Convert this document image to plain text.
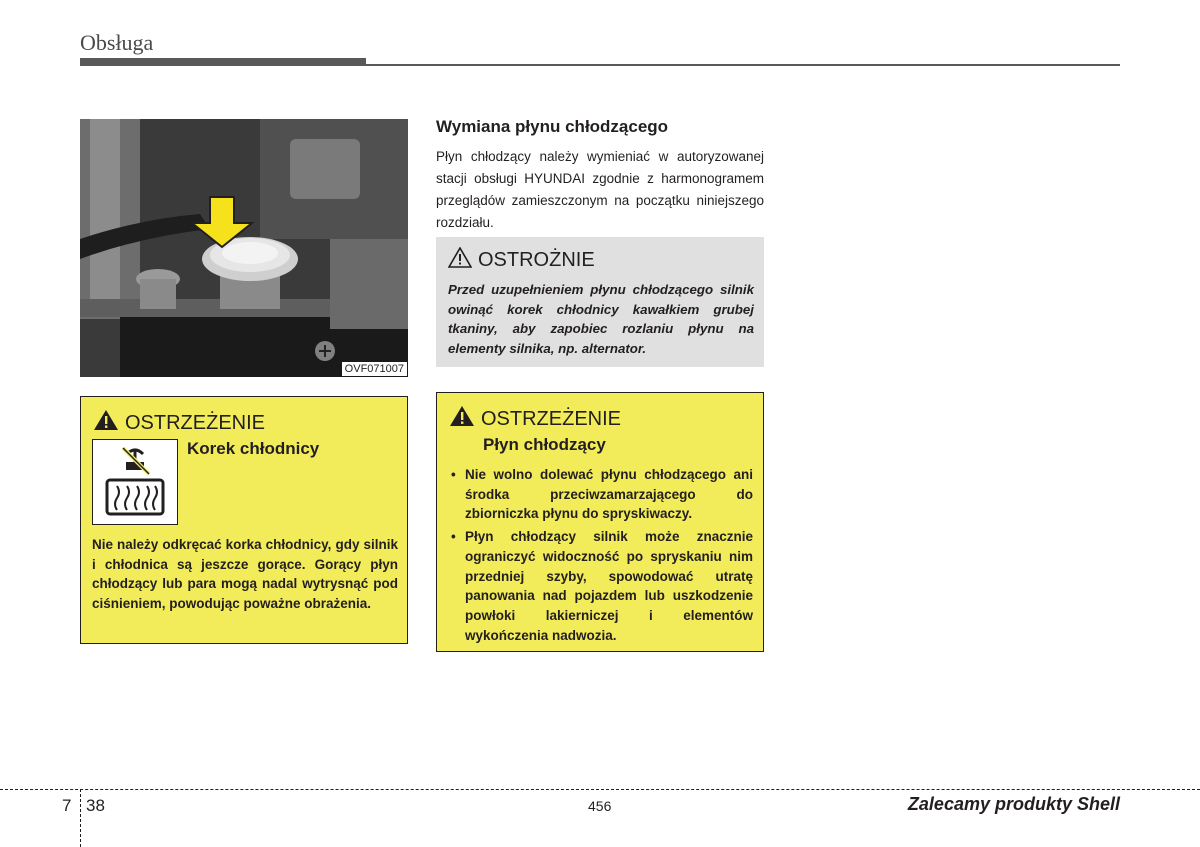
Obsługa
OVF071007
Wymiana płynu chłodzącego
Płyn chłodzący należy wymieniać w autoryzowanej stacji obsługi HYUNDAI zgodnie z harmonogramem przeglądów zamieszczonym na początku niniejszego rozdziału.
OSTROŻNIE
Przed uzupełnieniem płynu chłodzącego silnik owinąć korek chłodnicy kawałkiem grubej tkaniny, aby zapobiec rozlaniu płynu na elementy silnika, np. alternator.
OSTRZEŻENIE
Korek chłodnicy
Nie należy odkręcać korka chłodnicy, gdy silnik i chłodnica są jeszcze gorące. Gorący płyn chłodzący lub para mogą nadal wytrysnąć pod ciśnieniem, powodując poważne obrażenia.
OSTRZEŻENIE
Płyn chłodzący
• Nie wolno dolewać płynu chłodzącego ani środka przeciwzamarzającego do zbiorniczka płynu do spryskiwaczy.
• Płyn chłodzący silnik może znacznie ograniczyć widoczność po spryskaniu nim przedniej szyby, spowodować utratę panowania nad pojazdem lub uszkodzenie powłoki lakierniczej i elementów wykończenia nadwozia.
7 38	456	Zalecamy produkty Shell
